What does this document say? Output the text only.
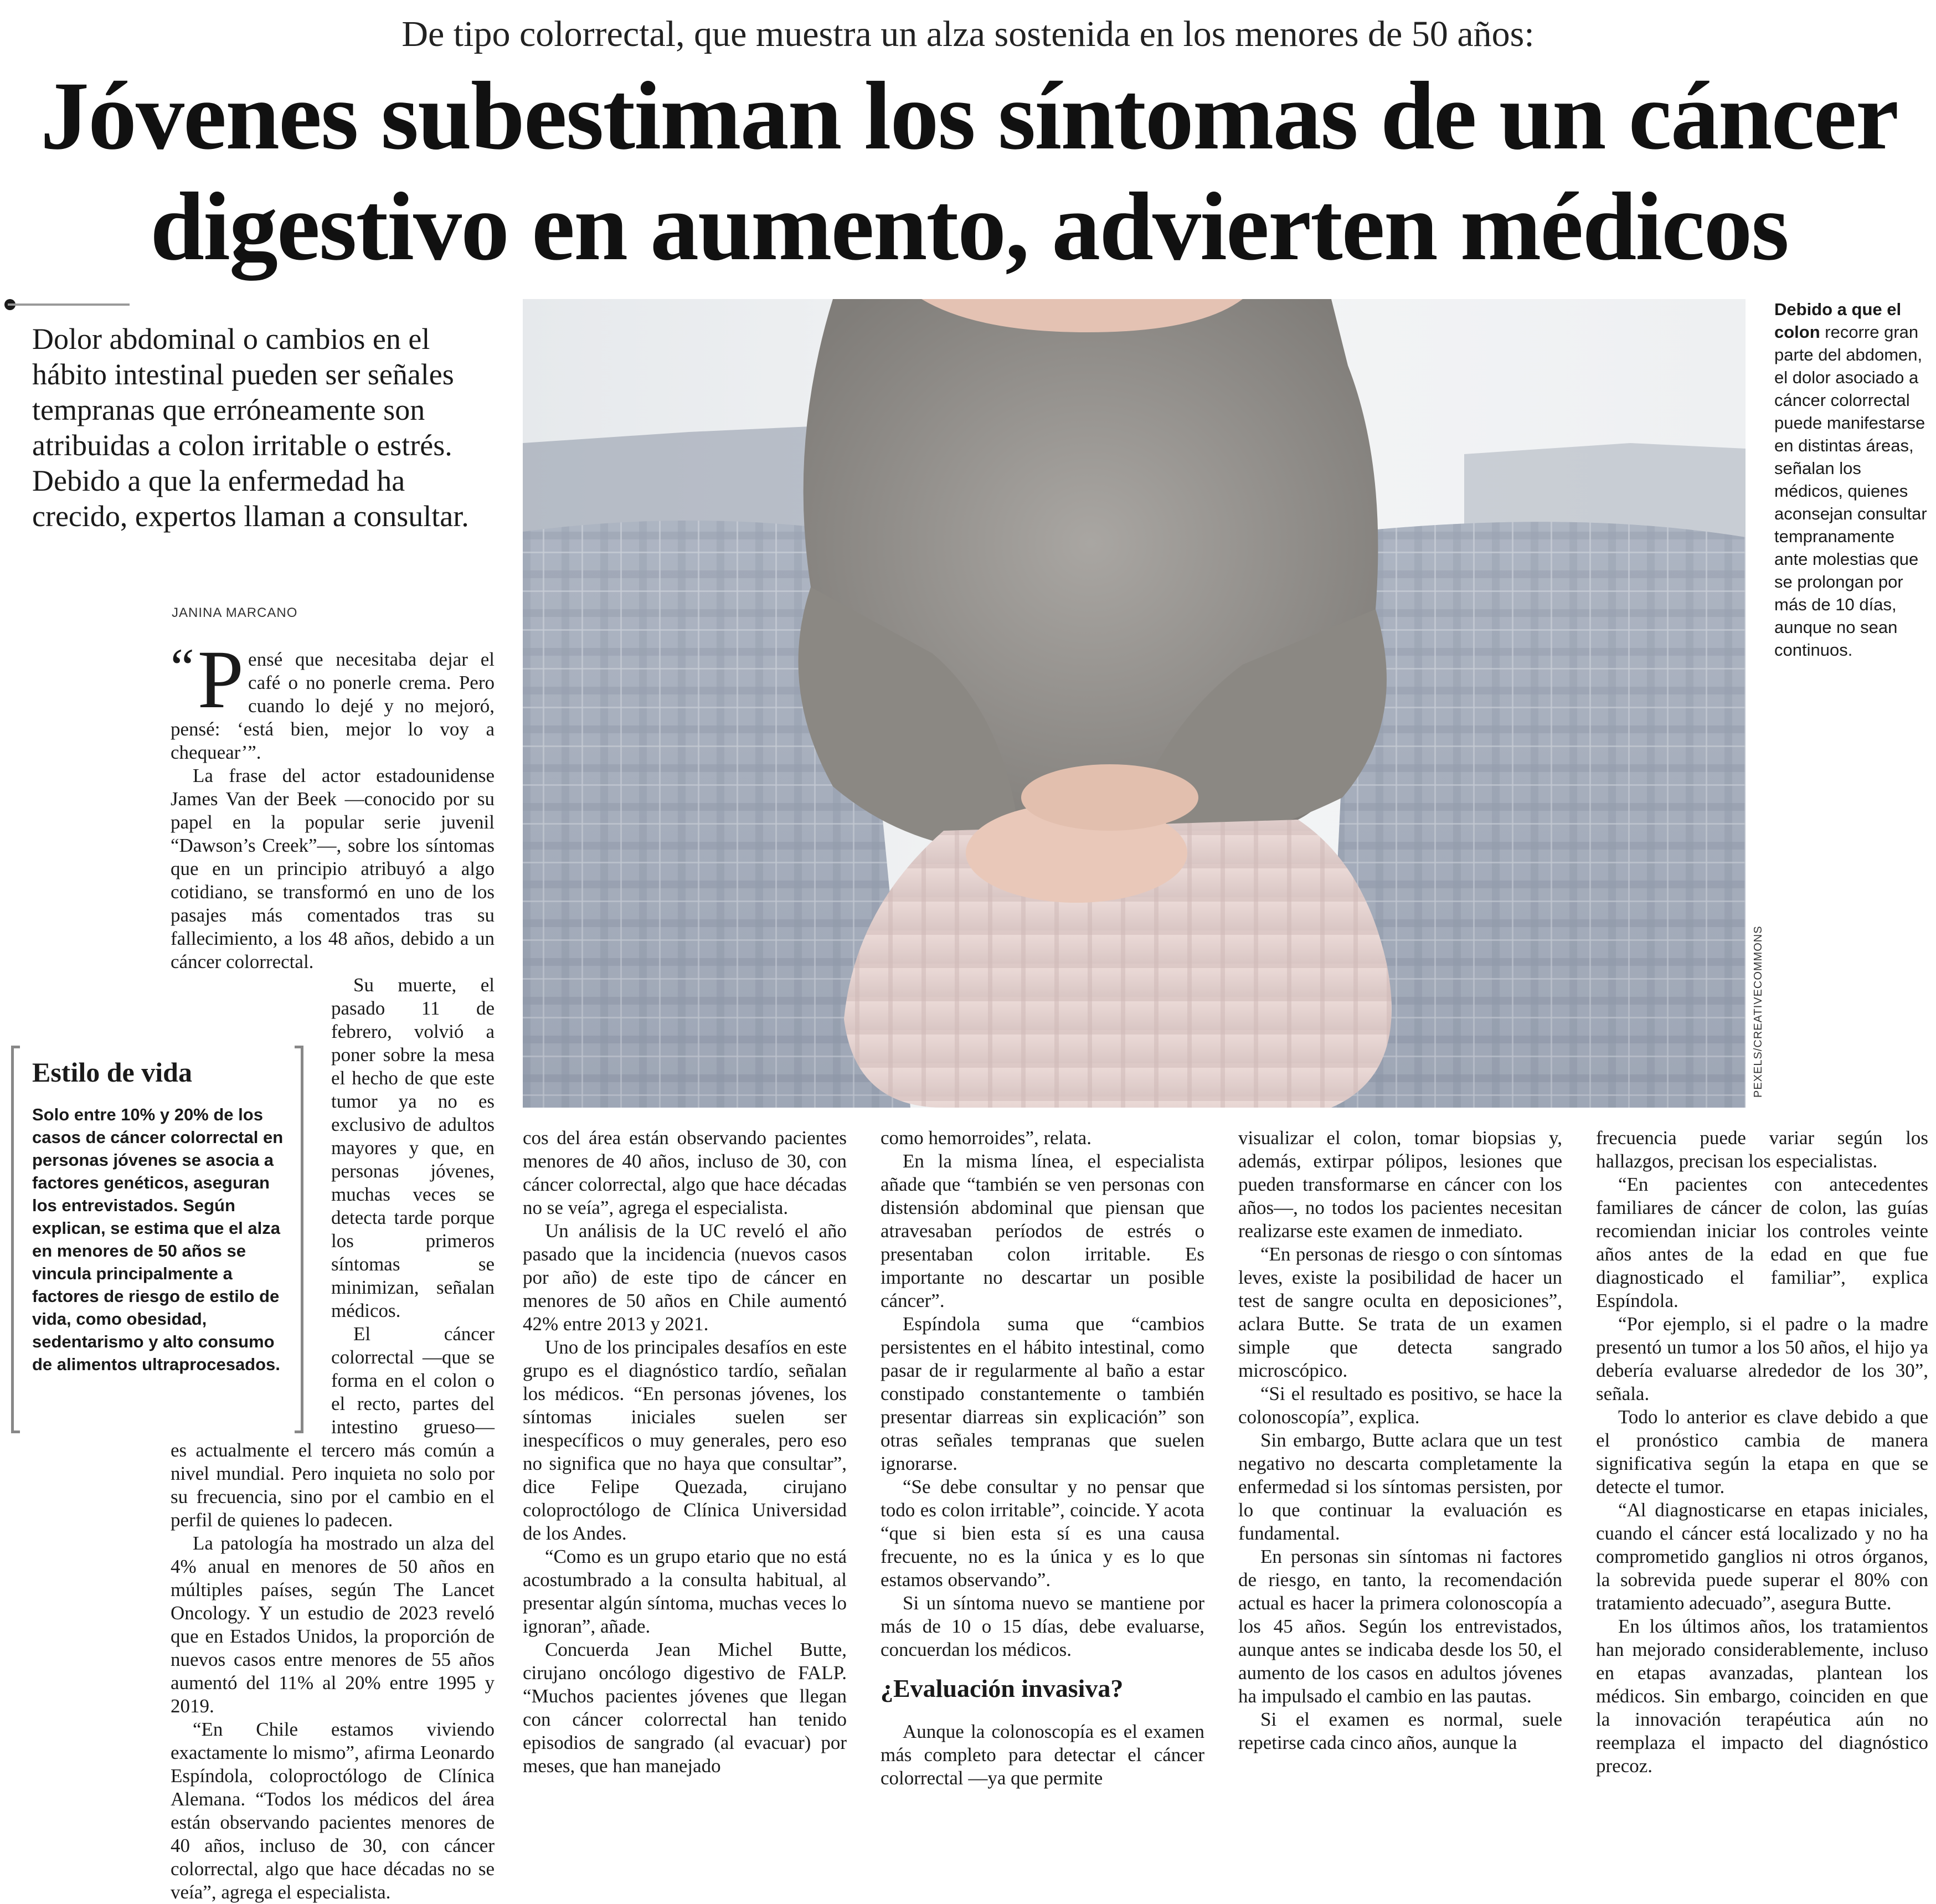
De tipo colorrectal, que muestra un alza sostenida en los menores de 50 años:
Jóvenes subestiman los síntomas de un cáncer digestivo en aumento, advierten médicos

Dolor abdominal o cambios en el hábito intestinal pueden ser señales tempranas que erróneamente son atribuidas a colon irritable o estrés. Debido a que la enfermedad ha crecido, expertos llaman a consultar.

JANINA MARCANO

“ P ensé que necesitaba dejar el café o no ponerle crema. Pero cuando lo dejé y no mejoró, pensé: ‘está bien, mejor lo voy a chequear’”.

La frase del actor estadounidense James Van der Beek —conocido por su papel en la popular serie juvenil “Dawson’s Creek”—, sobre los síntomas que en un principio atribuyó a algo cotidiano, se transformó en uno de los pasajes más comentados tras su fallecimiento, a los 48 años, debido a un cáncer colorrectal.

Su muerte, el pasado 11 de febrero, volvió a poner sobre la mesa el hecho de que este tumor ya no es exclusivo de adultos mayores y que, en personas jóvenes, muchas veces se detecta tarde porque los primeros síntomas se minimizan, señalan médicos.

El cáncer colorrectal —que se forma en el colon o el recto, partes del intestino grueso— es actualmente el tercero más común a nivel mundial. Pero inquieta no solo por su frecuencia, sino por el cambio en el perfil de quienes lo padecen.

La patología ha mostrado un alza del 4% anual en menores de 50 años en múltiples países, según The Lancet Oncology. Y un estudio de 2023 reveló que en Estados Unidos, la proporción de nuevos casos entre menores de 55 años aumentó del 11% al 20% entre 1995 y 2019.

“En Chile estamos viviendo exactamente lo mismo”, afirma Leonardo Espíndola, coloproctólogo de Clínica Alemana. “Todos los médicos del área están observando pacientes menores de 40 años, incluso de 30, con cáncer colorrectal, algo que hace décadas no se veía”, agrega el especialista.

Estilo de vida
Solo entre 10% y 20% de los casos de cáncer colorrectal en personas jóvenes se asocia a factores genéticos, aseguran los entrevistados. Según explican, se estima que el alza en menores de 50 años se vincula principalmente a factores de riesgo de estilo de vida, como obesidad, sedentarismo y alto consumo de alimentos ultraprocesados.
PEXELS/CREATIVECOMMONS
Debido a que el colon recorre gran parte del abdomen, el dolor asociado a cáncer colorrectal puede manifestarse en distintas áreas, señalan los médicos, quienes aconsejan consultar tempranamente ante molestias que se prolongan por más de 10 días, aunque no sean continuos.

cos del área están observando pacientes menores de 40 años, incluso de 30, con cáncer colorrectal, algo que hace décadas no se veía”, agrega el especialista.

Un análisis de la UC reveló el año pasado que la incidencia (nuevos casos por año) de este tipo de cáncer en menores de 50 años en Chile aumentó 42% entre 2013 y 2021.

Uno de los principales desafíos en este grupo es el diagnóstico tardío, señalan los médicos. “En personas jóvenes, los síntomas iniciales suelen ser inespecíficos o muy generales, pero eso no significa que no haya que consultar”, dice Felipe Quezada, cirujano coloproctólogo de Clínica Universidad de los Andes.

“Como es un grupo etario que no está acostumbrado a la consulta habitual, al presentar algún síntoma, muchas veces lo ignoran”, añade.

Concuerda Jean Michel Butte, cirujano oncólogo digestivo de FALP. “Muchos pacientes jóvenes que llegan con cáncer colorrectal han tenido episodios de sangrado (al evacuar) por meses, que han manejado

como hemorroides”, relata.

En la misma línea, el especialista añade que “también se ven personas con distensión abdominal que piensan que atravesaban períodos de estrés o presentaban colon irritable. Es importante no descartar un posible cáncer”.

Espíndola suma que “cambios persistentes en el hábito intestinal, como pasar de ir regularmente al baño a estar constipado constantemente o también presentar diarreas sin explicación” son otras señales tempranas que suelen ignorarse.

“Se debe consultar y no pensar que todo es colon irritable”, coincide. Y acota “que si bien esta sí es una causa frecuente, no es la única y es lo que estamos observando”.

Si un síntoma nuevo se mantiene por más de 10 o 15 días, debe evaluarse, concuerdan los médicos.

¿Evaluación invasiva?

Aunque la colonoscopía es el examen más completo para detectar el cáncer colorrectal —ya que permite

visualizar el colon, tomar biopsias y, además, extirpar pólipos, lesiones que pueden transformarse en cáncer con los años—, no todos los pacientes necesitan realizarse este examen de inmediato.

“En personas de riesgo o con síntomas leves, existe la posibilidad de hacer un test de sangre oculta en deposiciones”, aclara Butte. Se trata de un examen simple que detecta sangrado microscópico.

“Si el resultado es positivo, se hace la colonoscopía”, explica.

Sin embargo, Butte aclara que un test negativo no descarta completamente la enfermedad si los síntomas persisten, por lo que continuar la evaluación es fundamental.

En personas sin síntomas ni factores de riesgo, en tanto, la recomendación actual es hacer la primera colonoscopía a los 45 años. Según los entrevistados, aunque antes se indicaba desde los 50, el aumento de los casos en adultos jóvenes ha impulsado el cambio en las pautas.

Si el examen es normal, suele repetirse cada cinco años, aunque la

frecuencia puede variar según los hallazgos, precisan los especialistas.

“En pacientes con antecedentes familiares de cáncer de colon, las guías recomiendan iniciar los controles veinte años antes de la edad en que fue diagnosticado el familiar”, explica Espíndola.

“Por ejemplo, si el padre o la madre presentó un tumor a los 50 años, el hijo ya debería evaluarse alrededor de los 30”, señala.

Todo lo anterior es clave debido a que el pronóstico cambia de manera significativa según la etapa en que se detecte el tumor.

“Al diagnosticarse en etapas iniciales, cuando el cáncer está localizado y no ha comprometido ganglios ni otros órganos, la sobrevida puede superar el 80% con tratamiento adecuado”, asegura Butte.

En los últimos años, los tratamientos han mejorado considerablemente, incluso en etapas avanzadas, plantean los médicos. Sin embargo, coinciden en que la innovación terapéutica aún no reemplaza el impacto del diagnóstico precoz.
